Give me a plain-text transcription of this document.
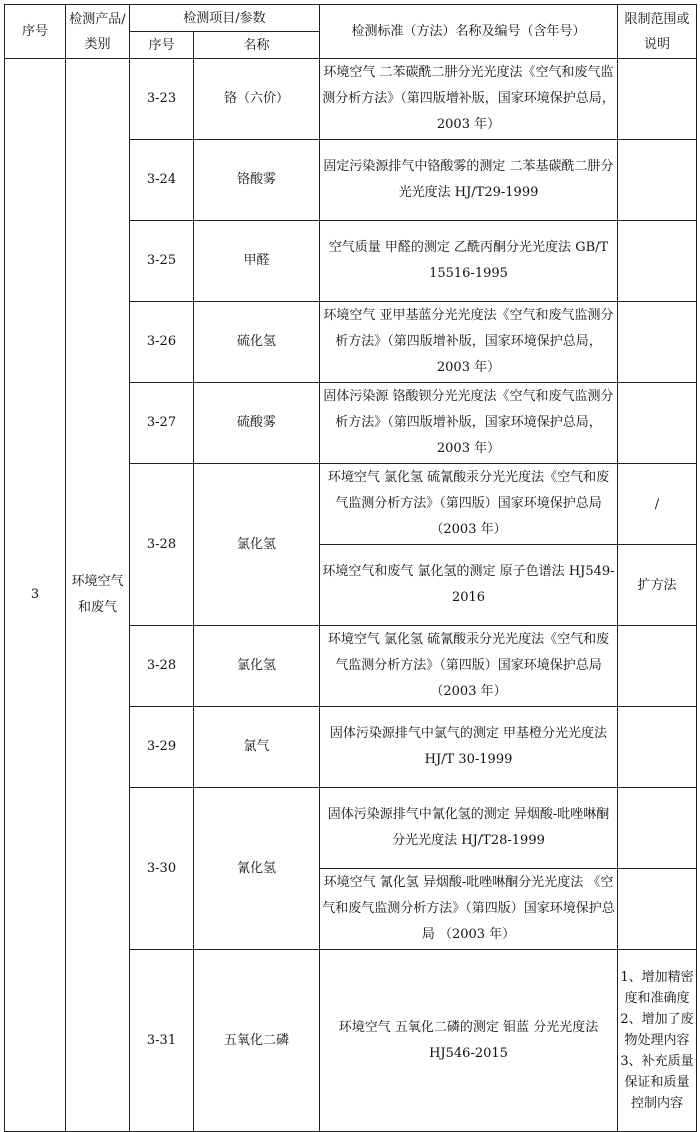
序号	检测产品/类别	检测项目/参数		检测标准（方法）名称及编号（含年号）	限制范围或说明
		序号	名称		
3	环境空气和废气	3-23	铬（六价）	环境空气 二苯碳酰二肼分光光度法《空气和废气监测分析方法》（第四版增补版，国家环境保护总局，2003 年）	
		3-24	铬酸雾	固定污染源排气中铬酸雾的测定 二苯基碳酰二肼分光光度法 HJ/T29-1999	
		3-25	甲醛	空气质量 甲醛的测定 乙酰丙酮分光光度法 GB/T 15516-1995	
		3-26	硫化氢	环境空气 亚甲基蓝分光光度法《空气和废气监测分析方法》（第四版增补版，国家环境保护总局，2003 年）	
		3-27	硫酸雾	固体污染源 铬酸钡分光光度法《空气和废气监测分析方法》（第四版增补版，国家环境保护总局，2003 年）	
		3-28	氯化氢	环境空气 氯化氢 硫氰酸汞分光光度法《空气和废气监测分析方法》（第四版）国家环境保护总局（2003 年）	/
				环境空气和废气 氯化氢的测定 原子色谱法 HJ549-2016	扩方法
		3-28	氯化氢	环境空气 氯化氢 硫氰酸汞分光光度法《空气和废气监测分析方法》（第四版）国家环境保护总局（2003 年）	
		3-29	氯气	固体污染源排气中氯气的测定 甲基橙分光光度法 HJ/T 30-1999	
		3-30	氰化氢	固体污染源排气中氰化氢的测定 异烟酸-吡唑啉酮分光光度法 HJ/T28-1999	
				环境空气 氰化氢 异烟酸-吡唑啉酮分光光度法 《空气和废气监测分析方法》（第四版）国家环境保护总局 （2003 年）	
		3-31	五氧化二磷	环境空气 五氧化二磷的测定 钼蓝 分光光度法 HJ546-2015	1、增加精密度和准确度2、增加了废物处理内容3、补充质量保证和质量控制内容
